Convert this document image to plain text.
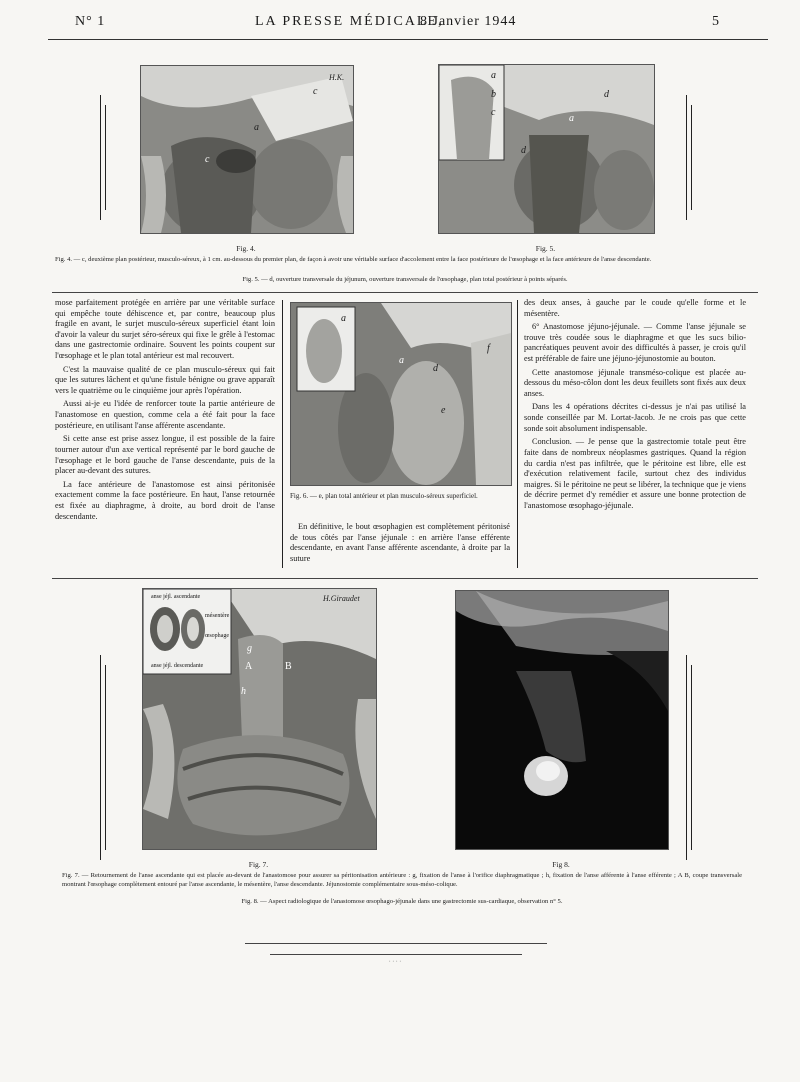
N° 1	LA PRESSE MÉDICALE,
8 Janvier 1944	5
H.K.
c
a
c
Fig. 4.
a
b
c
d
a
d
Fig. 5.
Fig. 4. — c, deuxième plan postérieur, musculo-séreux, à 1 cm. au-dessous du premier plan, de façon à avoir une véritable surface d'accolement entre la face postérieure de l'œsophage et la face antérieure de l'anse descendante.
Fig. 5. — d, ouverture transversale du jéjunum, ouverture transversale de l'œsophage, plan total postérieur à points séparés.

mose parfaitement protégée en arrière par une véritable surface qui empêche toute déhiscence et, par contre, beaucoup plus fragile en avant, le surjet musculo-séreux superficiel étant loin d'avoir la valeur du surjet séro-séreux qui fixe le grêle à l'estomac dans une gastrectomie ordinaire. Souvent les points coupent sur l'œsophage et le plan total antérieur est mal recouvert.

C'est la mauvaise qualité de ce plan musculo-séreux qui fait que les sutures lâchent et qu'une fistule bénigne ou grave apparaît vers le quatrième ou le cinquième jour après l'opération.

Aussi ai-je eu l'idée de renforcer toute la partie antérieure de l'anastomose en question, comme cela a été fait pour la face postérieure, en utilisant l'anse afférente ascendante.

Si cette anse est prise assez longue, il est possible de la faire tourner autour d'un axe vertical représenté par le bord gauche de l'œsophage et le bord gauche de l'anse descendante, puis de la placer au-devant des sutures.

La face antérieure de l'anastomose est ainsi péritonisée exactement comme la face postérieure. En haut, l'anse retournée est fixée au diaphragme, à droite, au bord droit de l'anse descendante.

a
f
a
d
e
Fig. 6. — e, plan total antérieur et plan musculo-séreux superficiel.

En définitive, le bout œsophagien est complètement péritonisé de tous côtés par l'anse jéjunale : en arrière l'anse efférente descendante, en avant l'anse afférente ascendante, à droite par la suture

des deux anses, à gauche par le coude qu'elle forme et le mésentère.

6° Anastomose jéjuno-jéjunale. — Comme l'anse jéjunale se trouve très coudée sous le diaphragme et que les sucs bilio-pancréatiques peuvent avoir des difficultés à passer, je crois qu'il est préférable de faire une jéjuno-jéjunostomie au bouton.

Cette anastomose jéjunale transméso-colique est placée au-dessous du méso-côlon dont les deux feuillets sont fixés aux deux anses.

Dans les 4 opérations décrites ci-dessus je n'ai pas utilisé la sonde conseillée par M. Lortat-Jacob. Je ne crois pas que cette sonde soit absolument indispensable.

Conclusion. — Je pense que la gastrectomie totale peut être faite dans de nombreux néoplasmes gastriques. Quand la région du cardia n'est pas infiltrée, que le péritoine est libre, elle est d'exécution relativement facile, surtout chez des individus maigres. Si le péritoine ne peut se libérer, la technique que je viens de décrire permet d'y remédier et assure une bonne protection de l'anastomose œsophago-jéjunale.

anse jéjl. ascendante
mésentère
œsophage
anse jéjl. descendante
H.Giraudet
A	B
g
h
Fig. 7.	Fig 8.
Fig. 7. — Retournement de l'anse ascendante qui est placée au-devant de l'anastomose pour assurer sa péritonisation antérieure : g, fixation de l'anse à l'orifice diaphragmatique ; h, fixation de l'anse afférente à l'anse efférente ; A B, coupe transversale montrant l'œsophage complètement entouré par l'anse ascendante, le mésentère, l'anse descendante. Jéjunostomie complémentaire sous-méso-colique.
Fig. 8. — Aspect radiologique de l'anastomose œsophago-jéjunale dans une gastrectomie sus-cardiaque, observation n° 5.
· · · ·
